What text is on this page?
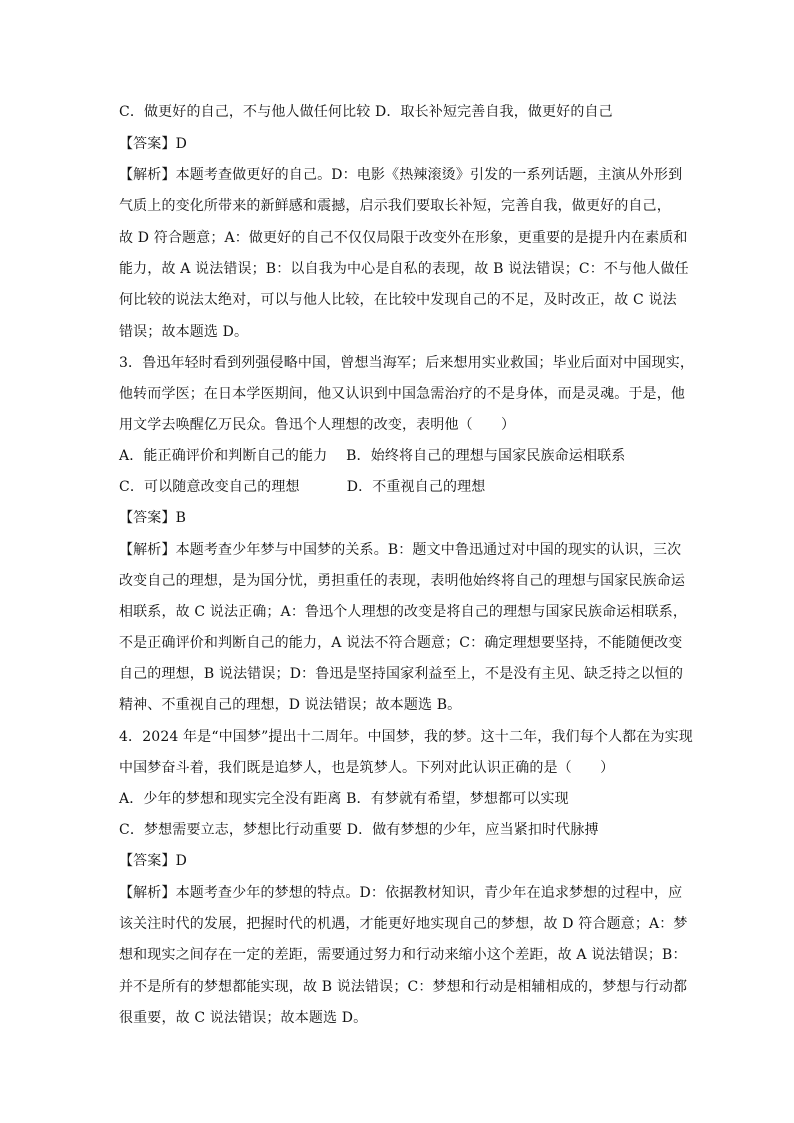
C．做更好的自己，不与他人做任何比较 D．取长补短完善自我，做更好的自己
【答案】D
【解析】本题考查做更好的自己。D：电影《热辣滚烫》引发的一系列话题，主演从外形到
气质上的变化所带来的新鲜感和震撼，启示我们要取长补短，完善自我，做更好的自己，
故 D 符合题意；A：做更好的自己不仅仅局限于改变外在形象，更重要的是提升内在素质和
能力，故 A 说法错误；B：以自我为中心是自私的表现，故 B 说法错误；C：不与他人做任
何比较的说法太绝对，可以与他人比较，在比较中发现自己的不足，及时改正，故 C 说法
错误；故本题选 D。
3．鲁迅年轻时看到列强侵略中国，曾想当海军；后来想用实业救国；毕业后面对中国现实，
他转而学医；在日本学医期间，他又认识到中国急需治疗的不是身体，而是灵魂。于是，他
用文学去唤醒亿万民众。鲁迅个人理想的改变，表明他（　　）
A．能正确评价和判断自己的能力　 B．始终将自己的理想与国家民族命运相联系
C．可以随意改变自己的理想　　　 D．不重视自己的理想
【答案】B
【解析】本题考查少年梦与中国梦的关系。B：题文中鲁迅通过对中国的现实的认识，三次
改变自己的理想，是为国分忧，勇担重任的表现，表明他始终将自己的理想与国家民族命运
相联系，故 C 说法正确；A：鲁迅个人理想的改变是将自己的理想与国家民族命运相联系，
不是正确评价和判断自己的能力，A 说法不符合题意；C：确定理想要坚持，不能随便改变
自己的理想，B 说法错误；D：鲁迅是坚持国家利益至上，不是没有主见、缺乏持之以恒的
精神、不重视自己的理想，D 说法错误；故本题选 B。
4．2024 年是“中国梦”提出十二周年。中国梦，我的梦。这十二年，我们每个人都在为实现
中国梦奋斗着，我们既是追梦人，也是筑梦人。下列对此认识正确的是（　　）
A．少年的梦想和现实完全没有距离 B．有梦就有希望，梦想都可以实现
C．梦想需要立志，梦想比行动重要 D．做有梦想的少年，应当紧扣时代脉搏
【答案】D
【解析】本题考查少年的梦想的特点。D：依据教材知识，青少年在追求梦想的过程中，应
该关注时代的发展，把握时代的机遇，才能更好地实现自己的梦想，故 D 符合题意；A：梦
想和现实之间存在一定的差距，需要通过努力和行动来缩小这个差距，故 A 说法错误；B：
并不是所有的梦想都能实现，故 B 说法错误；C：梦想和行动是相辅相成的，梦想与行动都
很重要，故 C 说法错误；故本题选 D。
